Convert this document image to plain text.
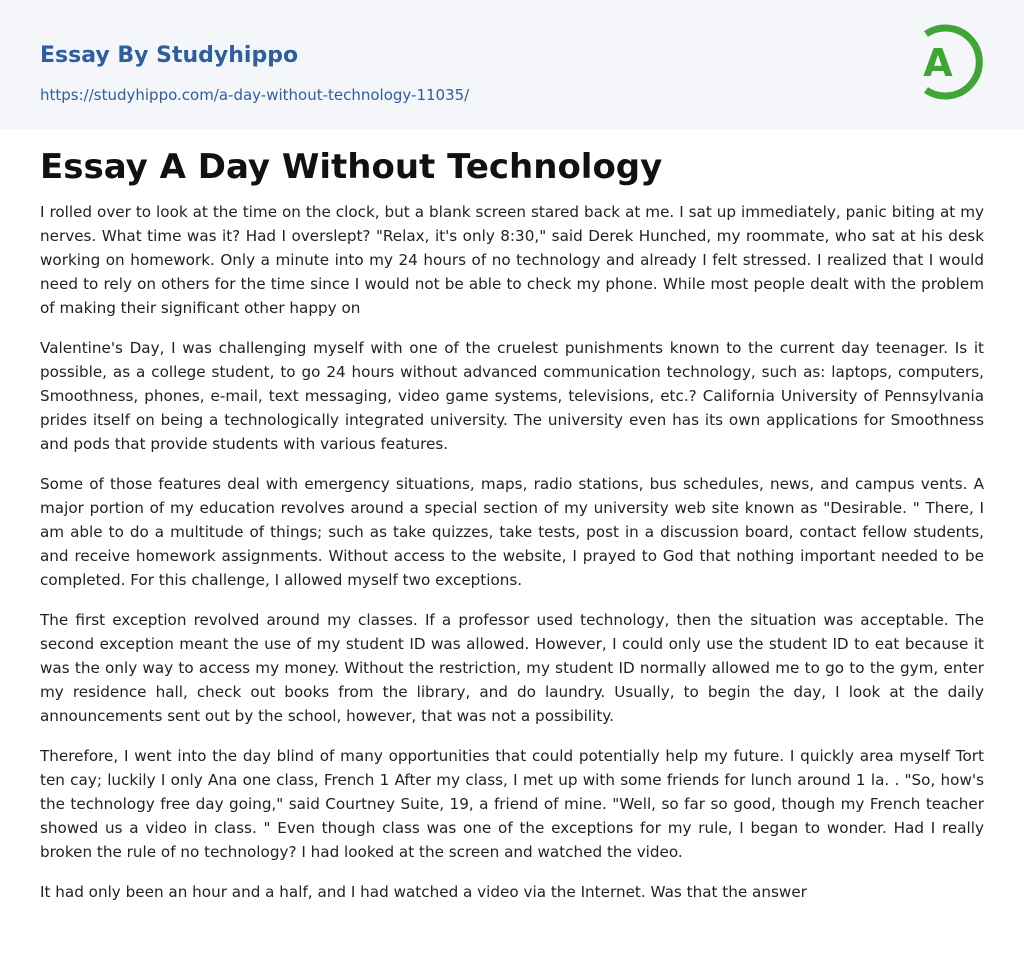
Essay By Studyhippo
https://studyhippo.com/a-day-without-technology-11035/
A
Essay A Day Without Technology

I rolled over to look at the time on the clock, but a blank screen stared back at me. I sat up immediately, panic biting at my nerves. What time was it? Had I overslept? "Relax, it's only 8:30," said Derek Hunched, my roommate, who sat at his desk working on homework. Only a minute into my 24 hours of no technology and already I felt stressed. I realized that I would need to rely on others for the time since I would not be able to check my phone. While most people dealt with the problem of making their significant other happy on

Valentine's Day, I was challenging myself with one of the cruelest punishments known to the current day teenager. Is it possible, as a college student, to go 24 hours without advanced communication technology, such as: laptops, computers, Smoothness, phones, e-mail, text messaging, video game systems, televisions, etc.? California University of Pennsylvania prides itself on being a technologically integrated university. The university even has its own applications for Smoothness and pods that provide students with various features.

Some of those features deal with emergency situations, maps, radio stations, bus schedules, news, and campus vents. A major portion of my education revolves around a special section of my university web site known as "Desirable. " There, I am able to do a multitude of things; such as take quizzes, take tests, post in a discussion board, contact fellow students, and receive homework assignments. Without access to the website, I prayed to God that nothing important needed to be completed. For this challenge, I allowed myself two exceptions.

The first exception revolved around my classes. If a professor used technology, then the situation was acceptable. The second exception meant the use of my student ID was allowed. However, I could only use the student ID to eat because it was the only way to access my money. Without the restriction, my student ID normally allowed me to go to the gym, enter my residence hall, check out books from the library, and do laundry. Usually, to begin the day, I look at the daily announcements sent out by the school, however, that was not a possibility.

Therefore, I went into the day blind of many opportunities that could potentially help my future. I quickly area myself Tort ten cay; luckily I only Ana one class, French 1 After my class, I met up with some friends for lunch around 1 la. . "So, how's the technology free day going," said Courtney Suite, 19, a friend of mine. "Well, so far so good, though my French teacher showed us a video in class. " Even though class was one of the exceptions for my rule, I began to wonder. Had I really broken the rule of no technology? I had looked at the screen and watched the video.

It had only been an hour and a half, and I had watched a video via the Internet. Was that the answer
